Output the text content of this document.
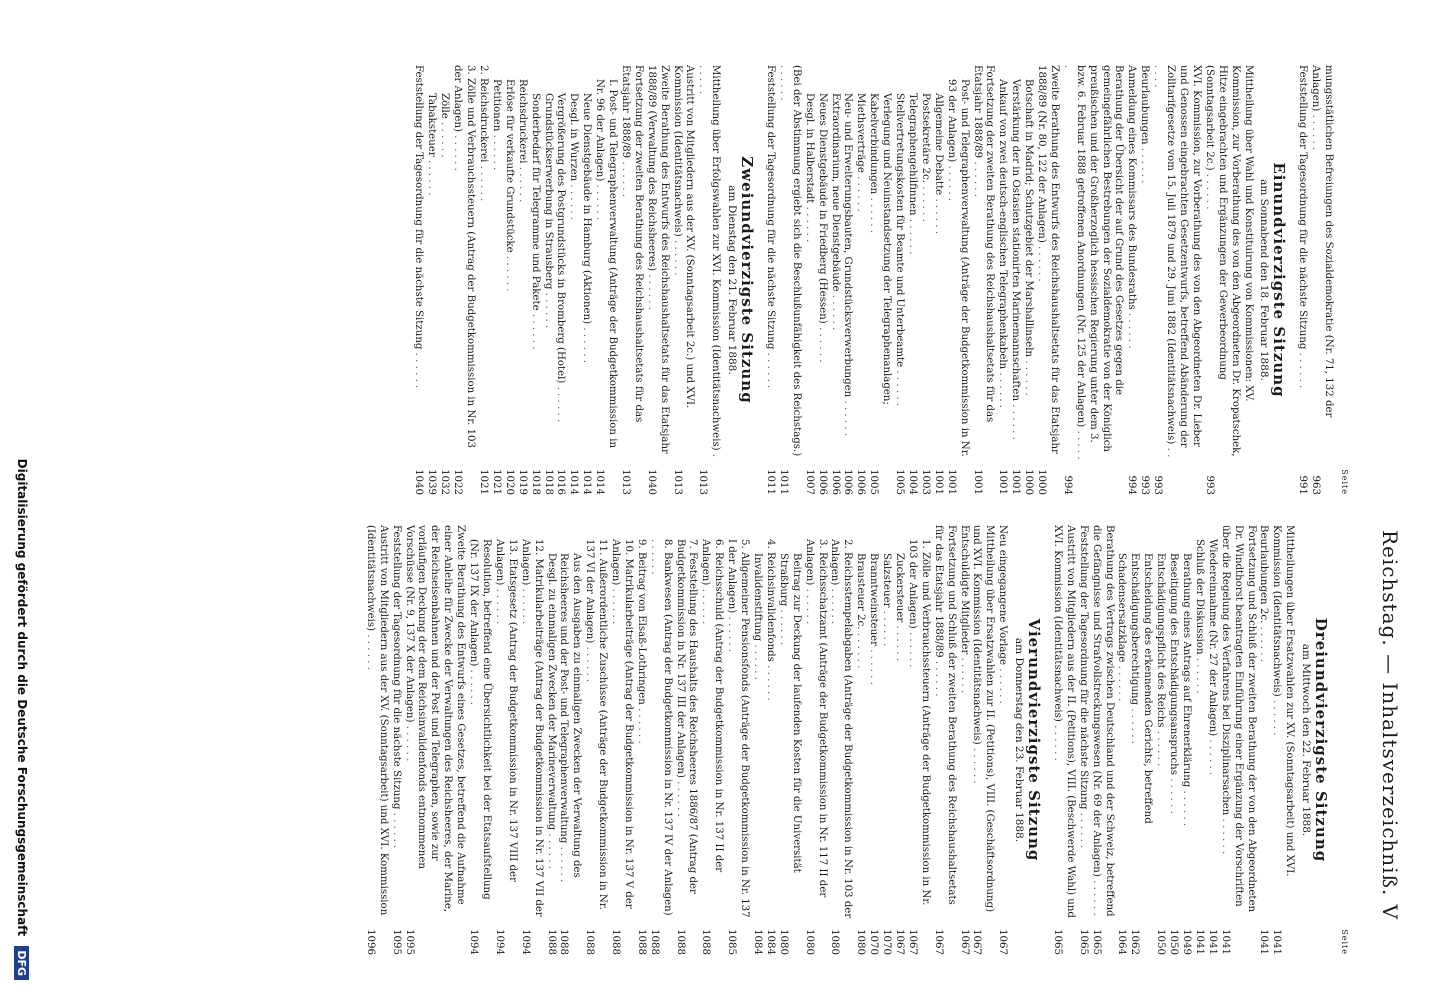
Reichstag. — Inhaltsverzeichniß.
V
Seite
mungsstätlichen Befreiungen des Sozialdemokratie (Nr. 71, 132 der Anlagen) . . .
963
Feststellung der Tagesordnung für die nächste Sitzung . . .
991
Einundvierzigste Sitzung
am Sonnabend den 18. Februar 1888.
Mittheilung über Wahl und Konstituirung von Kommissionen: XV. Kommission, zur Vorberathung des von den Abgeordneten Dr. Kropatschek, Hitze eingebrachten und Ergänzungen der Gewerbeordnung (Sonntagsarbeit 2c.) . . .
993
XVI. Kommission, zur Vorberathung des von den Abgeordneten Dr. Lieber und Genossen eingebrachten Gesetzentwurfs, betreffend Abänderung der Zolltarifgesetze vom 15. Juli 1879 und 29. Juni 1882 (Identitätsnachweis) . . .
993
Beurlaubungen . . .
993
Anmeldung eines Kommissars des Bundesraths . . .
994
Berathung der Übersicht der auf Grund des Gesetzes gegen die gemeingefährlichen Bestrebungen der Sozialdemokratie von der Königlich preußischen und der Großherzoglich hessischen Regierung unter dem 3. bzw. 6. Februar 1888 getroffenen Anordnungen (Nr. 125 der Anlagen) . . .
994
Zweite Berathung des Entwurfs des Reichshaushaltsetats für das Etatsjahr 1888/89 (Nr. 80, 122 der Anlagen) . . .
1000
Botschaft in Madrid; Schutzgebiet der Marshallinseln . . .
1000
Verstärkung der in Ostasien stationirten Marinemannschaften . . .
1001
Ankauf von zwei deutsch-englischen Telegraphenkabeln . . .
1001
Fortsetzung der zweiten Berathung des Reichshaushaltsetats für das Etatsjahr 1888/89 . . .
1001
Post- und Telegraphenverwaltung (Anträge der Budgetkommission in Nr. 93 der Anlagen) . . .
1001
Allgemeine Debatte . . .
1001
Postsekretäre 2c. . . .
1003
Telegraphengehilfinnen . . .
1004
Stellvertretungskosten für Beamte und Unterbeamte . . .
1005
Verlegung und Neuinstandsetzung der Telegraphenanlagen; Kabelverbindungen . . .
1005
Miethsverträge . . .
1006
Neu- und Erweiterungsbauten, Grundstücksverwerbungen . . .
1006
Extraordinarium, neue Dienstgebäude . . .
1006
Neues Dienstgebäude in Friedberg (Hessen) . . .
1006
Desgl. in Halberstadt . . .
1007
(Bei der Abstimmung ergiebt sich die Beschlußunfähigkeit des Reichstags.) . . .
1011
Feststellung der Tagesordnung für die nächste Sitzung . . .
1011
Zweiundvierzigste Sitzung
am Dienstag den 21. Februar 1888.
Mittheilung über Erfolgswahlen zur XVI. Kommission (Identitätsnachweis) . . .
1013
Austritt von Mitgliedern aus der XV. (Sonntagsarbeit 2c.) und XVI. Kommission (Identitätsnachweis) . . .
1013
Zweite Berathung des Entwurfs des Reichshaushaltsetats für das Etatsjahr 1888/89 (Verwaltung des Reichsheeres) . . .
1040
Fortsetzung der zweiten Berathung des Reichshaushaltsetats für das Etatsjahr 1888/89 . . .
1013
I. Post- und Telegraphenverwaltung (Anträge der Budgetkommission in Nr. 96 der Anlagen) . . .
1014
Neue Dienstgebäude in Hamburg (Aktionen) . . .
1014
Desgl. in Wurzen . . .
1014
Vergrößerung des Postgrundstücks in Bromberg (Hotel) . . .
1016
Grundstückserwerbung in Strausberg . . .
1018
Sonderbedarf für Telegramme und Pakete . . .
1018
Reichsdruckerei . . .
1019
Erlöse für verkaufte Grundstücke . . .
1020
Petitionen . . .
1021
2. Reichsdruckerei . . .
1021
3. Zölle und Verbrauchssteuern (Antrag der Budgetkommission in Nr. 103 der Anlagen) . . .
1022
Zölle . . .
1032
Tabaksteuer . . .
1039
Feststellung der Tagesordnung für die nächste Sitzung . . .
1040
Seite
Dreiundvierzigste Sitzung
am Mittwoch den 22. Februar 1888.
Mittheilungen über Ersatzwahlen zur XV. (Sonntagsarbeit) und XVI. Kommission (Identitätsnachweis) . . .
1041
Beurlaubungen 2c. . . .
1041
Fortsetzung und Schluß der zweiten Berathung der von den Abgeordneten Dr. Windthorst beantragten Einführung einer Ergänzung der Vorschriften über die Regelung des Verfahrens bei Disziplinarsachen . . .
1041
Wiedereinnahme (Nr. 27 der Anlagen) . . .
1041
Schluß der Diskussion . . .
1041
Berathung eines Antrags auf Ehrenerklärung . . .
1049
Beseitigung des Entschädigungsanspruchs . . .
1050
Entschädigungspflicht des Reichs . . .
1050
Entscheidung des erkennenden Gerichts, betreffend Entschädigungsberechtigung . . .
1062
Schadensersatzklage . . .
1064
Berathung des Vertrags zwischen Deutschland und der Schweiz, betreffend die Gefängnisse und Strafvollstreckungswesen (Nr. 69 der Anlagen) . . .
1065
Feststellung der Tagesordnung für die nächste Sitzung . . .
1065
Austritt von Mitgliedern aus der II. (Petitions), VIII. (Beschwerde Wahl) und XVI. Kommission (Identitätsnachweis) . . .
1065
Vierundvierzigste Sitzung
am Donnerstag den 23. Februar 1888.
Neu eingegangene Vorlage . . .
1067
Mittheilung über Ersatzwahlen zur II. (Petitions), VIII. (Geschäftsordnung) und XVI. Kommission (Identitätsnachweis) . . .
1067
Entschuldigte Mitglieder . . .
1067
Fortsetzung und Schluß der zweiten Berathung des Reichshaushaltsetats für das Etatsjahr 1888/89 . . .
1067
1. Zölle und Verbrauchssteuern (Anträge der Budgetkommission in Nr. 103 der Anlagen) . . .
1067
Zuckersteuer . . .
1067
Salzsteuer . . .
1070
Branntweinsteuer . . .
1070
Brausteuer 2c. . . .
1080
2. Reichsstempelabgaben (Anträge der Budgetkommission in Nr. 103 der Anlagen) . . .
1080
3. Reichsschatzamt (Anträge der Budgetkommission in Nr. 117 II der Anlagen) . . .
1080
Beitrag zur Deckung der laufenden Kosten für die Universität Straßburg . . .
1080
4. Reichsinvalidenfonds . . .
1084
Invalidenstiftung . . .
1084
5. Allgemeiner Pensionsfonds (Anträge der Budgetkommission in Nr. 137 I der Anlagen) . . .
1085
6. Reichsschuld (Antrag der Budgetkommission in Nr. 137 II der Anlagen) . . .
1088
7. Feststellung des Haushalts des Reichsheeres 1886/87 (Antrag der Budgetkommission in Nr. 137 III der Anlagen) . . .
1088
8. Bankwesen (Antrag der Budgetkommission in Nr. 137 IV der Anlagen) . . .
1088
9. Beitrag von Elsaß-Lothringen . . .
1088
10. Matrikularbeiträge (Antrag der Budgetkommission in Nr. 137 V der Anlagen) . . .
1088
11. Außerordentliche Zuschüsse (Anträge der Budgetkommission in Nr. 137 VI der Anlagen) . . .
1088
Aus den Ausgaben zu einmaligen Zwecken der Verwaltung des Reichsheeres und der Post- und Telegraphenverwaltung . . .
1088
Desgl. zu einmaligen Zwecken der Marineverwaltung . . .
1088
12. Matrikularbeiträge (Antrag der Budgetkommission in Nr. 137 VII der Anlagen) . . .
1094
13. Etatsgesetz (Antrag der Budgetkommission in Nr. 137 VIII der Anlagen) . . .
1094
Resolution, betreffend eine Übersichtlichkeit bei der Etatsaufstellung (Nr. 137 IX der Anlagen) . . .
1094
Zweite Berathung des Entwurfs eines Gesetzes, betreffend die Aufnahme einer Anleihe für Zwecke der Verwaltungen des Reichsheeres, der Marine, der Reichseisenbahnen und der Post und Telegraphen, sowie zur vorläufigen Deckung der dem Reichsinvalidenfonds entnommenen Vorschüsse (Nr. 9, 137 X der Anlagen) . . .
1095
Feststellung der Tagesordnung für die nächste Sitzung . . .
1095
Austritt von Mitgliedern aus der XV. (Sonntagsarbeit) und XVI. Kommission (Identitätsnachweis) . . .
1096
Digitalisierung gefördert durch die Deutsche Forschungsgemeinschaft DFG
